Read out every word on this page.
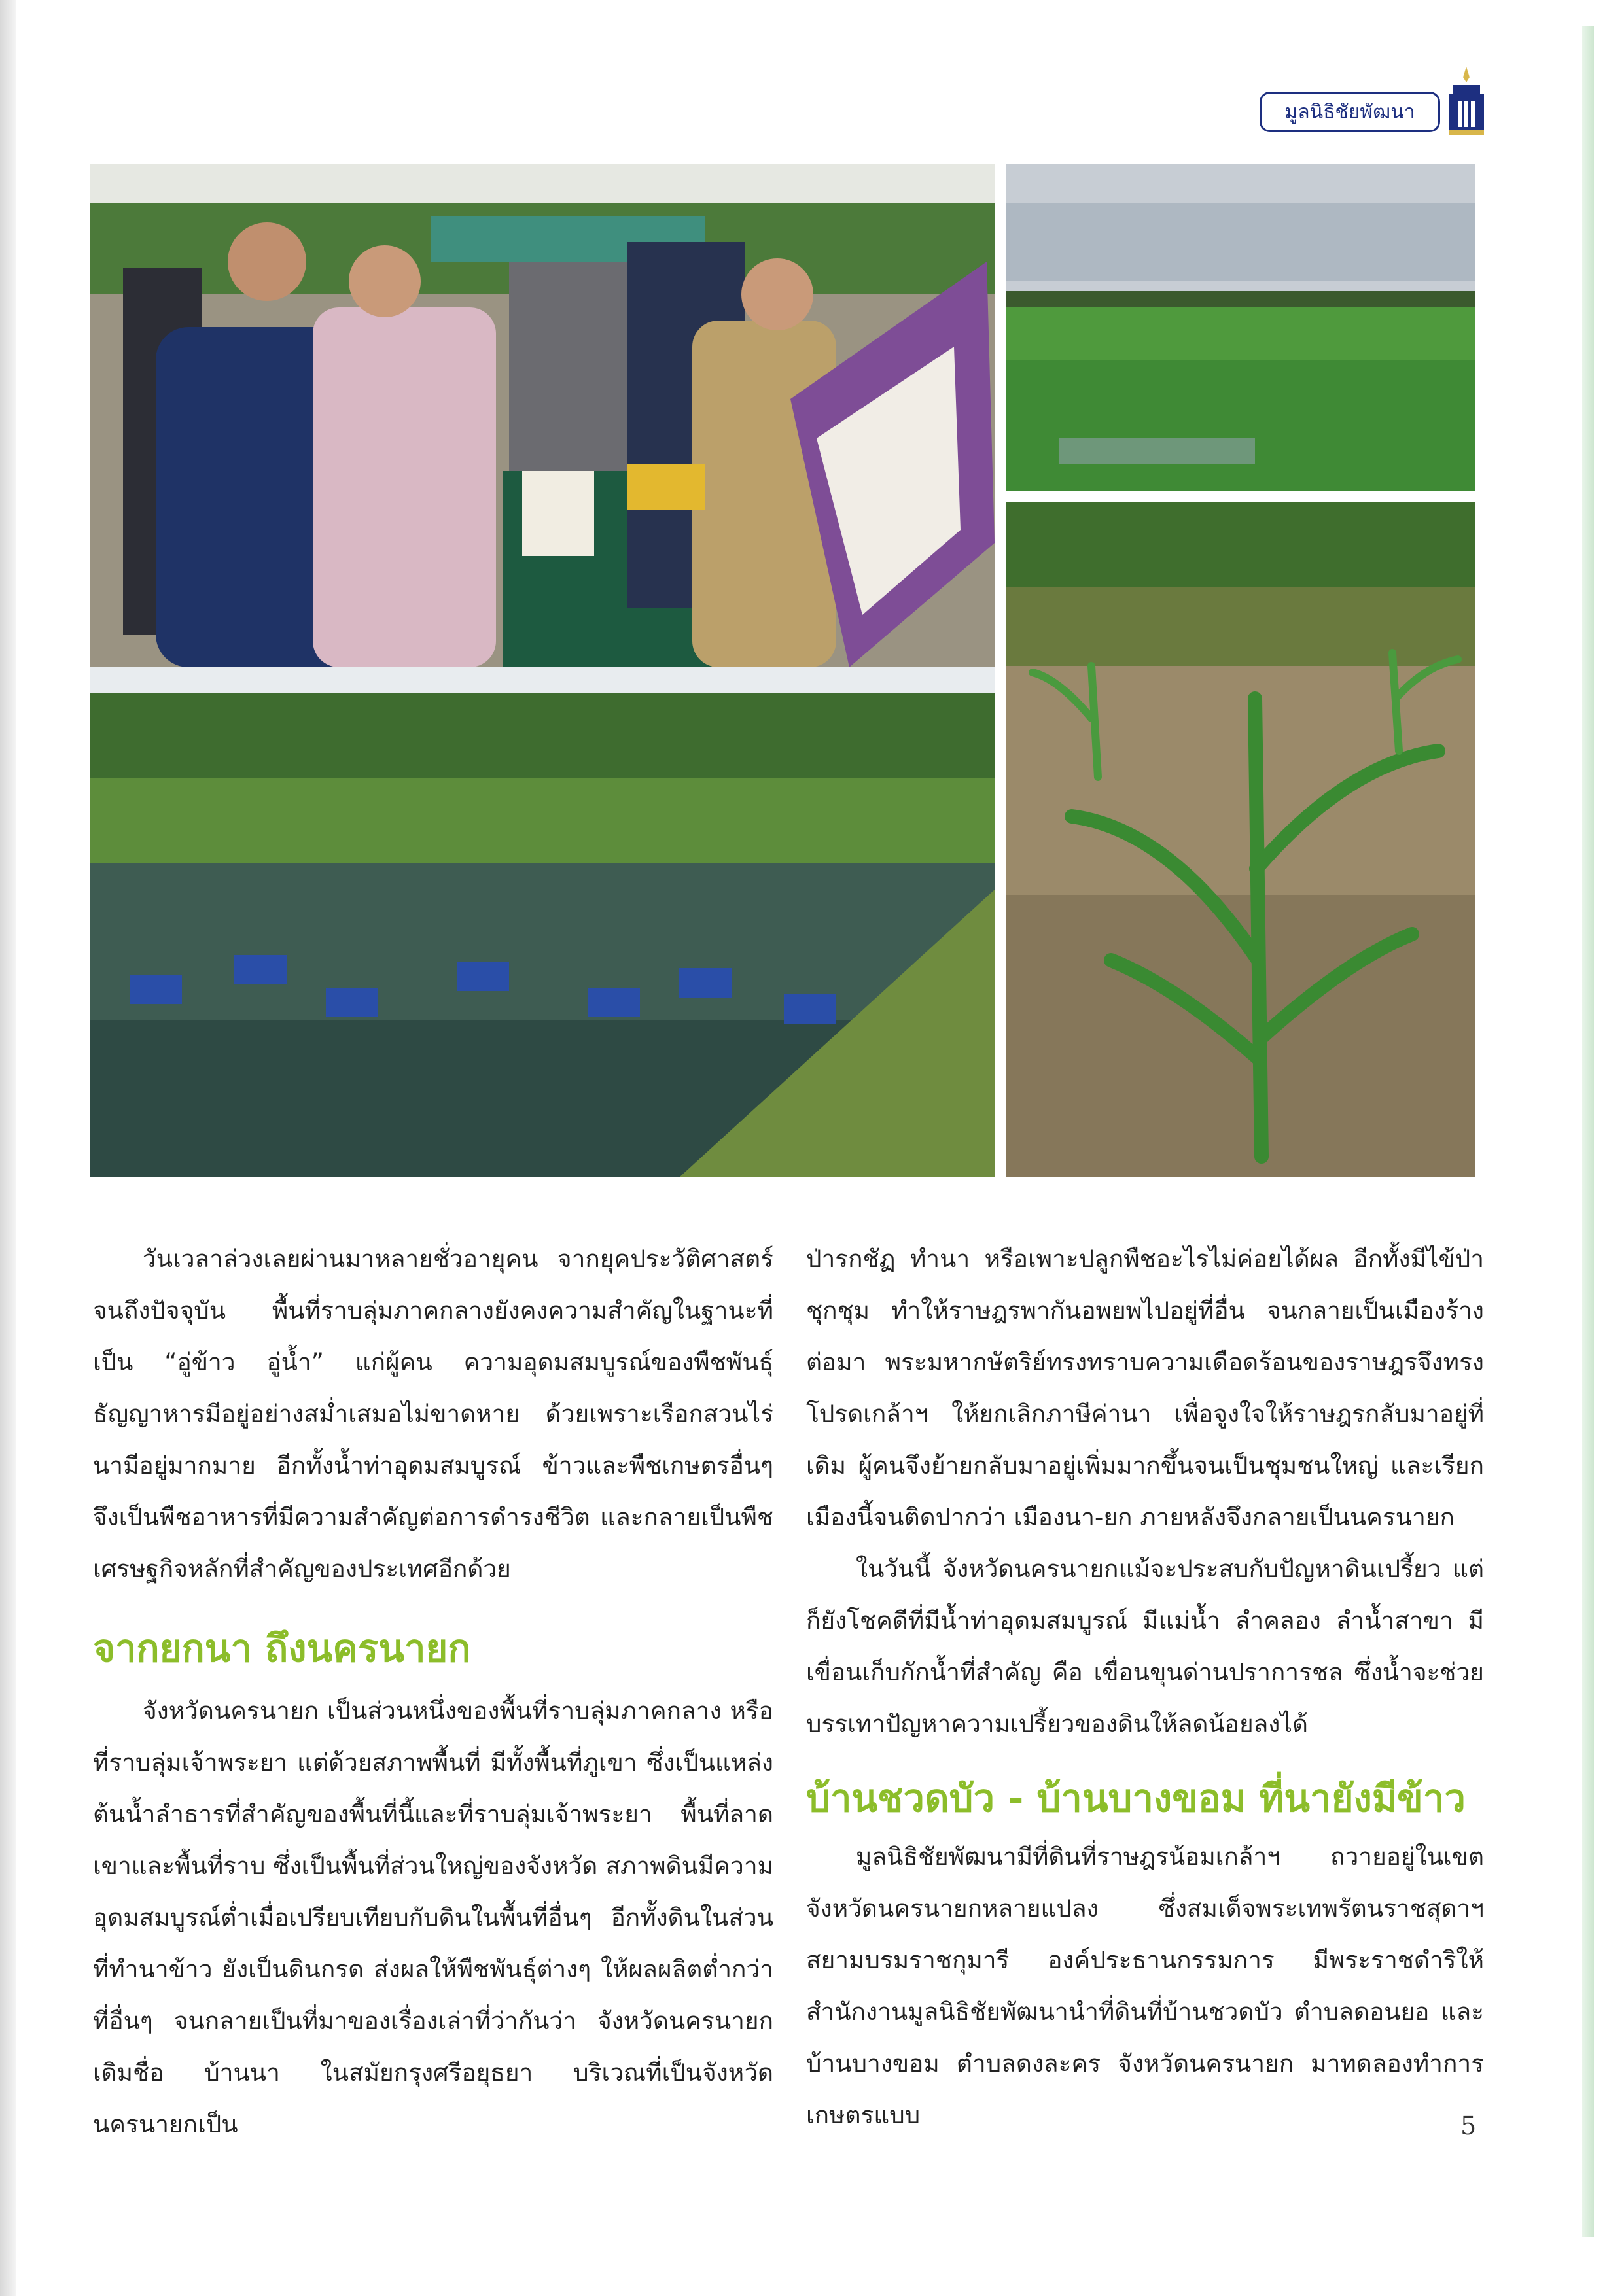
มูลนิธิชัยพัฒนา

วันเวลาล่วงเลยผ่านมาหลายชั่วอายุคน จากยุคประวัติศาสตร์จนถึงปัจจุบัน พื้นที่ราบลุ่มภาคกลางยังคงความสำคัญในฐานะที่เป็น “อู่ข้าว อู่น้ำ” แก่ผู้คน ความอุดมสมบูรณ์ของพืชพันธุ์ธัญญาหารมีอยู่อย่างสม่ำเสมอไม่ขาดหาย ด้วยเพราะเรือกสวนไร่นามีอยู่มากมาย อีกทั้งน้ำท่าอุดมสมบูรณ์ ข้าวและพืชเกษตรอื่นๆ จึงเป็นพืชอาหารที่มีความสำคัญต่อการดำรงชีวิต และกลายเป็นพืชเศรษฐกิจหลักที่สำคัญของประเทศอีกด้วย

จากยกนา ถึงนครนายก

จังหวัดนครนายก เป็นส่วนหนึ่งของพื้นที่ราบลุ่มภาคกลาง หรือที่ราบลุ่มเจ้าพระยา แต่ด้วยสภาพพื้นที่ มีทั้งพื้นที่ภูเขา ซึ่งเป็นแหล่งต้นน้ำลำธารที่สำคัญของพื้นที่นี้และที่ราบลุ่มเจ้าพระยา พื้นที่ลาดเขาและพื้นที่ราบ ซึ่งเป็นพื้นที่ส่วนใหญ่ของจังหวัด สภาพดินมีความอุดมสมบูรณ์ต่ำเมื่อเปรียบเทียบกับดินในพื้นที่อื่นๆ อีกทั้งดินในส่วนที่ทำนาข้าว ยังเป็นดินกรด ส่งผลให้พืชพันธุ์ต่างๆ ให้ผลผลิตต่ำกว่าที่อื่นๆ จนกลายเป็นที่มาของเรื่องเล่าที่ว่ากันว่า จังหวัดนครนายกเดิมชื่อ บ้านนา ในสมัยกรุงศรีอยุธยา บริเวณที่เป็นจังหวัดนครนายกเป็น

ป่ารกชัฏ ทำนา หรือเพาะปลูกพืชอะไรไม่ค่อยได้ผล อีกทั้งมีไข้ป่าชุกชุม ทำให้ราษฎรพากันอพยพไปอยู่ที่อื่น จนกลายเป็นเมืองร้าง ต่อมา พระมหากษัตริย์ทรงทราบความเดือดร้อนของราษฎรจึงทรงโปรดเกล้าฯ ให้ยกเลิกภาษีค่านา เพื่อจูงใจให้ราษฎรกลับมาอยู่ที่เดิม ผู้คนจึงย้ายกลับมาอยู่เพิ่มมากขึ้นจนเป็นชุมชนใหญ่ และเรียกเมืองนี้จนติดปากว่า เมืองนา-ยก ภายหลังจึงกลายเป็นนครนายก

ในวันนี้ จังหวัดนครนายกแม้จะประสบกับปัญหาดินเปรี้ยว แต่ก็ยังโชคดีที่มีน้ำท่าอุดมสมบูรณ์ มีแม่น้ำ ลำคลอง ลำน้ำสาขา มีเขื่อนเก็บกักน้ำที่สำคัญ คือ เขื่อนขุนด่านปราการชล ซึ่งน้ำจะช่วยบรรเทาปัญหาความเปรี้ยวของดินให้ลดน้อยลงได้

บ้านชวดบัว - บ้านบางขอม ที่นายังมีข้าว

มูลนิธิชัยพัฒนามีที่ดินที่ราษฎรน้อมเกล้าฯ ถวายอยู่ในเขตจังหวัดนครนายกหลายแปลง ซึ่งสมเด็จพระเทพรัตนราชสุดาฯ สยามบรมราชกุมารี องค์ประธานกรรมการ มีพระราชดำริให้สำนักงานมูลนิธิชัยพัฒนานำที่ดินที่บ้านชวดบัว ตำบลดอนยอ และบ้านบางขอม ตำบลดงละคร จังหวัดนครนายก มาทดลองทำการเกษตรแบบ	5
